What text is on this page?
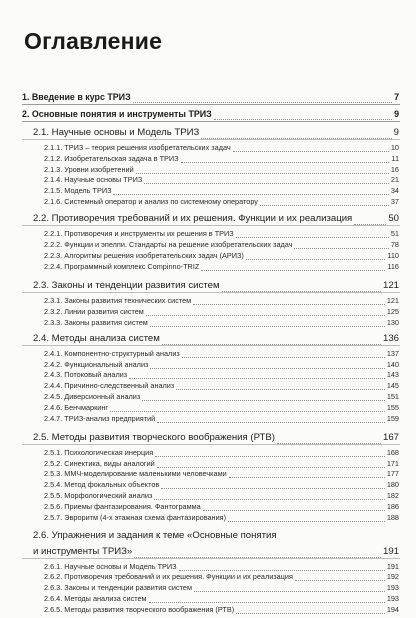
Оглавление
1. Введение в курс ТРИЗ	7
2. Основные понятия и инструменты ТРИЗ	9
2.1. Научные основы и Модель ТРИЗ	9
2.1.1. ТРИЗ – теория решения изобретательских задач	10
2.1.2. Изобретательская задача в ТРИЗ	11
2.1.3. Уровни изобретений	16
2.1.4. Научные основы ТРИЗ	21
2.1.5. Модель ТРИЗ	34
2.1.6. Системный оператор и анализ по системному оператору	37
2.2. Противоречия требований и их решения. Функции и их реализация	50
2.2.1. Противоречия и инструменты их решения в ТРИЗ	51
2.2.2. Функции и эпелпи. Стандарты на решение изобретательских задач	78
2.2.3. Алгоритмы решения изобретательских задач (АРИЗ)	110
2.2.4. Программный комплекс Compinno-TRIZ	116
2.3. Законы и тенденции развития систем	121
2.3.1. Законы развития технических систем	121
2.3.2. Линии развития систем	125
2.3.3. Законы развития систем	130
2.4. Методы анализа систем	136
2.4.1. Компонентно-структурный анализ	137
2.4.2. Функциональный анализ	140
2.4.3. Потоковый анализ	143
2.4.4. Причинно-следственный анализ	145
2.4.5. Диверсионный анализ	151
2.4.6. Бенчмаркинг	155
2.4.7. ТРИЗ-анализ предприятий	159
2.5. Методы развития творческого воображения (РТВ)	167
2.5.1. Психологическая инерция	168
2.5.2. Синектика, виды аналогий	171
2.5.3. ММЧ-моделирование маленькими человечками	177
2.5.4. Метод фокальных объектов	180
2.5.5. Морфологический анализ	182
2.5.6. Приемы фантазирования. Фантограмма	186
2.5.7. Эвроритм (4-х этажная схема фантазирования)	188
2.6. Упражнения и задания к теме «Основные понятия
и инструменты ТРИЗ»	191
2.6.1. Научные основы и Модель ТРИЗ	191
2.6.2. Противоречия требований и их решения. Функции и их реализация	192
2.6.3. Законы и тенденции развития систем	193
2.6.4. Методы анализа систем	193
2.6.5. Методы развития творческого воображения (РТВ)	194
